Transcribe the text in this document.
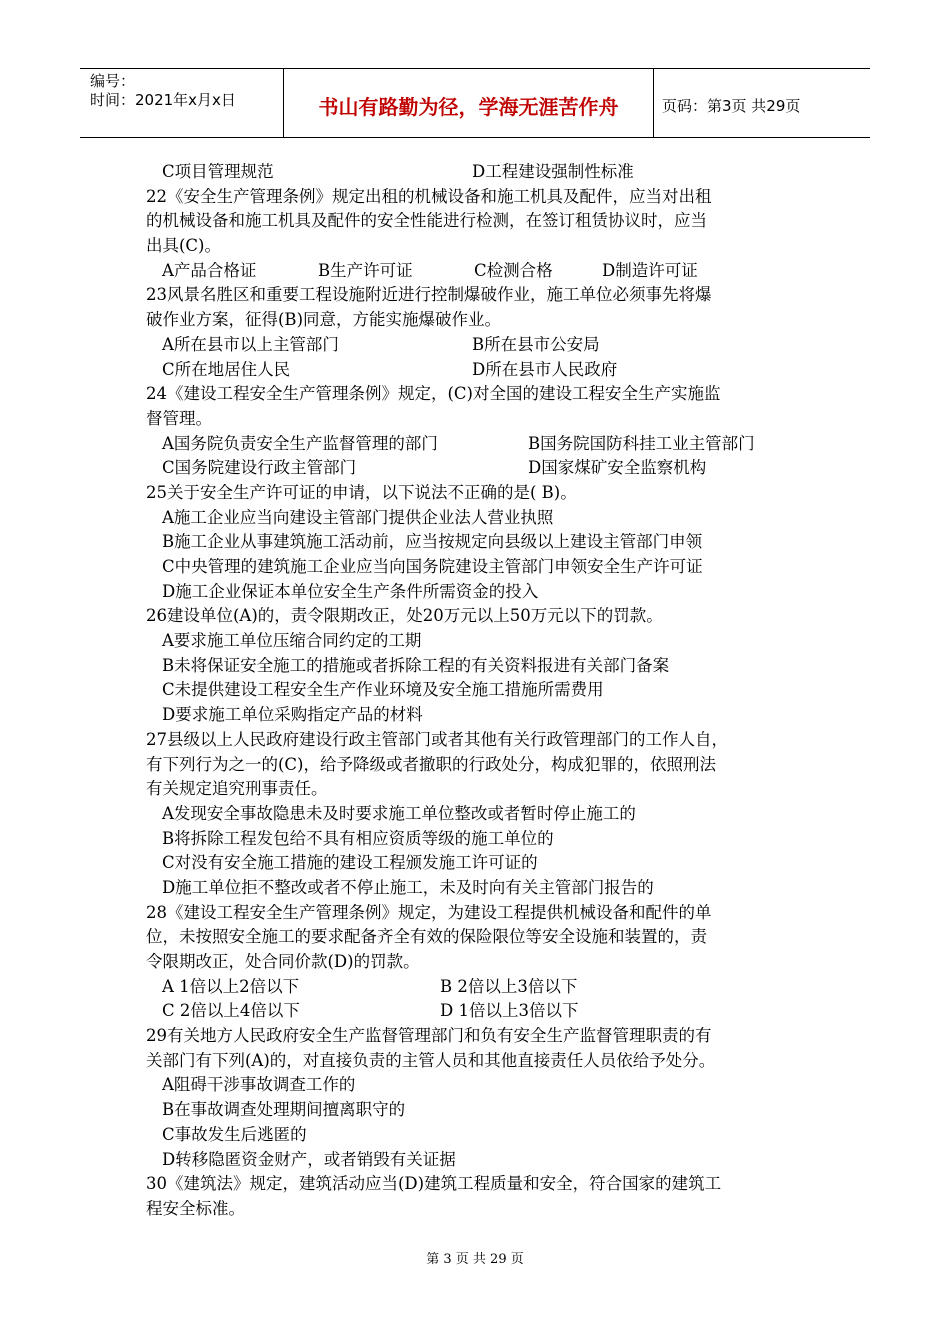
编号：
时间：2021年x月x日	书山有路勤为径，学海无涯苦作舟	页码：第3页 共29页
C项目管理规范	D工程建设强制性标准
22《安全生产管理条例》规定出租的机械设备和施工机具及配件，应当对出租
的机械设备和施工机具及配件的安全性能进行检测，在签订租赁协议时，应当
出具(C)。
A产品合格证	B生产许可证	C检测合格	D制造许可证
23风景名胜区和重要工程设施附近进行控制爆破作业，施工单位必须事先将爆
破作业方案，征得(B)同意，方能实施爆破作业。
A所在县市以上主管部门	B所在县市公安局
C所在地居住人民	D所在县市人民政府
24《建设工程安全生产管理条例》规定，(C)对全国的建设工程安全生产实施监
督管理。
A国务院负责安全生产监督管理的部门	B国务院国防科挂工业主管部门
C国务院建设行政主管部门	D国家煤矿安全监察机构
25关于安全生产许可证的申请，以下说法不正确的是( B)。
A施工企业应当向建设主管部门提供企业法人营业执照
B施工企业从事建筑施工活动前，应当按规定向县级以上建设主管部门申领
C中央管理的建筑施工企业应当向国务院建设主管部门申领安全生产许可证
D施工企业保证本单位安全生产条件所需资金的投入
26建设单位(A)的，责令限期改正，处20万元以上50万元以下的罚款。
A要求施工单位压缩合同约定的工期
B未将保证安全施工的措施或者拆除工程的有关资料报进有关部门备案
C未提供建设工程安全生产作业环境及安全施工措施所需费用
D要求施工单位采购指定产品的材料
27县级以上人民政府建设行政主管部门或者其他有关行政管理部门的工作人自，
有下列行为之一的(C)，给予降级或者撤职的行政处分，构成犯罪的，依照刑法
有关规定追究刑事责任。
A发现安全事故隐患未及时要求施工单位整改或者暂时停止施工的
B将拆除工程发包给不具有相应资质等级的施工单位的
C对没有安全施工措施的建设工程颁发施工许可证的
D施工单位拒不整改或者不停止施工，未及时向有关主管部门报告的
28《建设工程安全生产管理条例》规定，为建设工程提供机械设备和配件的单
位，未按照安全施工的要求配备齐全有效的保险限位等安全设施和装置的，责
令限期改正，处合同价款(D)的罚款。
A 1倍以上2倍以下	B 2倍以上3倍以下
C 2倍以上4倍以下	D 1倍以上3倍以下
29有关地方人民政府安全生产监督管理部门和负有安全生产监督管理职责的有
关部门有下列(A)的，对直接负责的主管人员和其他直接责任人员依给予处分。
A阻碍干涉事故调查工作的
B在事故调查处理期间擅离职守的
C事故发生后逃匿的
D转移隐匿资金财产，或者销毁有关证据
30《建筑法》规定，建筑活动应当(D)建筑工程质量和安全，符合国家的建筑工
程安全标准。
第 3 页 共 29 页
